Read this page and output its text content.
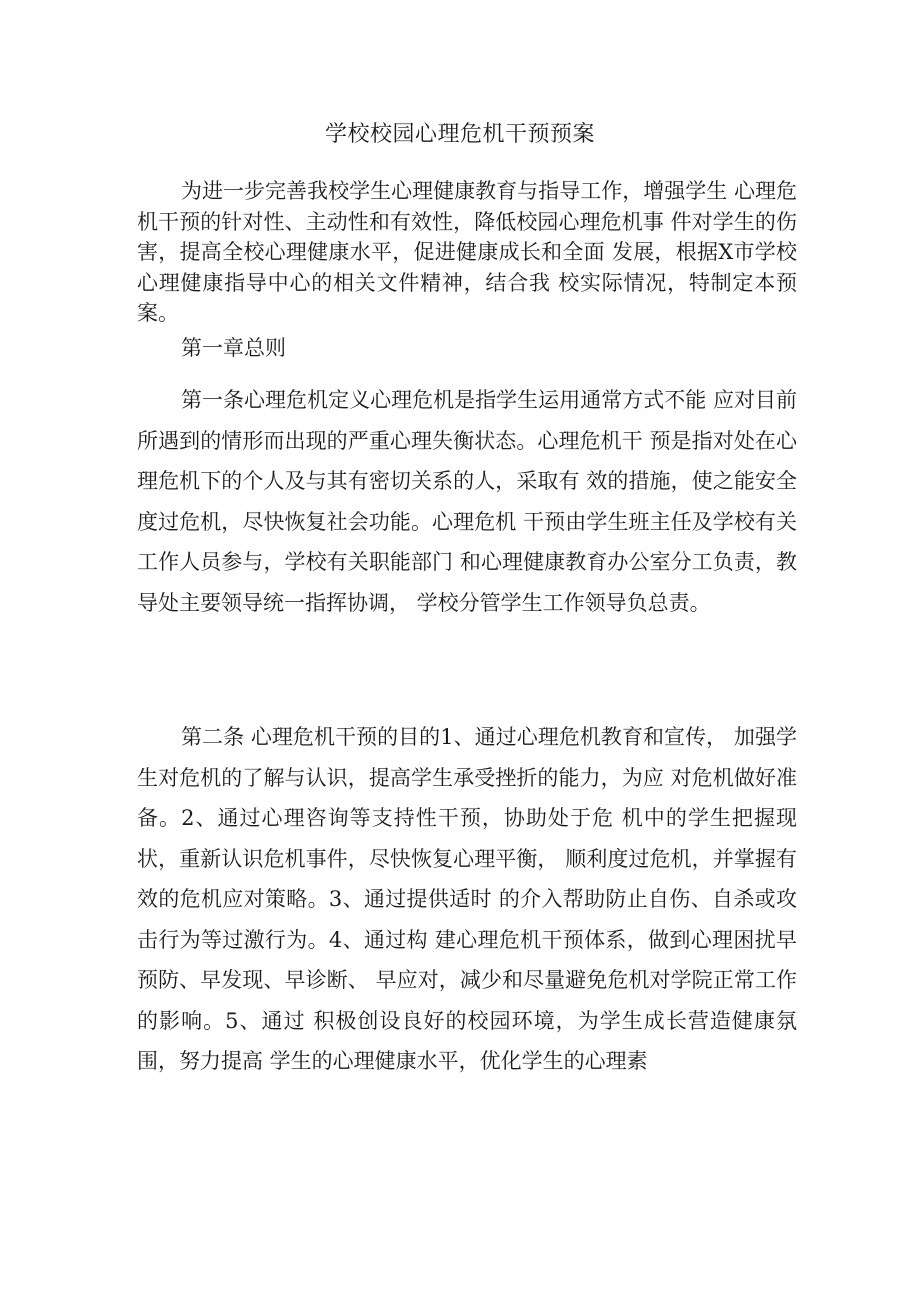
学校校园心理危机干预预案
为进一步完善我校学生心理健康教育与指导工作，增强学生 心理危机干预的针对性、主动性和有效性，降低校园心理危机事 件对学生的伤害，提高全校心理健康水平，促进健康成长和全面 发展，根据X市学校心理健康指导中心的相关文件精神，结合我 校实际情况，特制定本预案。
第一章总则
第一条心理危机定义心理危机是指学生运用通常方式不能 应对目前所遇到的情形而出现的严重心理失衡状态。心理危机干 预是指对处在心理危机下的个人及与其有密切关系的人，采取有 效的措施，使之能安全度过危机，尽快恢复社会功能。心理危机 干预由学生班主任及学校有关工作人员参与，学校有关职能部门 和心理健康教育办公室分工负责，教导处主要领导统一指挥协调， 学校分管学生工作领导负总责。
第二条 心理危机干预的目的1、通过心理危机教育和宣传， 加强学生对危机的了解与认识，提高学生承受挫折的能力，为应 对危机做好准备。2、通过心理咨询等支持性干预，协助处于危 机中的学生把握现状，重新认识危机事件，尽快恢复心理平衡， 顺利度过危机，并掌握有效的危机应对策略。3、通过提供适时 的介入帮助防止自伤、自杀或攻击行为等过激行为。4、通过构 建心理危机干预体系，做到心理困扰早预防、早发现、早诊断、 早应对，减少和尽量避免危机对学院正常工作的影响。5、通过 积极创设良好的校园环境，为学生成长营造健康氛围，努力提高 学生的心理健康水平，优化学生的心理素
